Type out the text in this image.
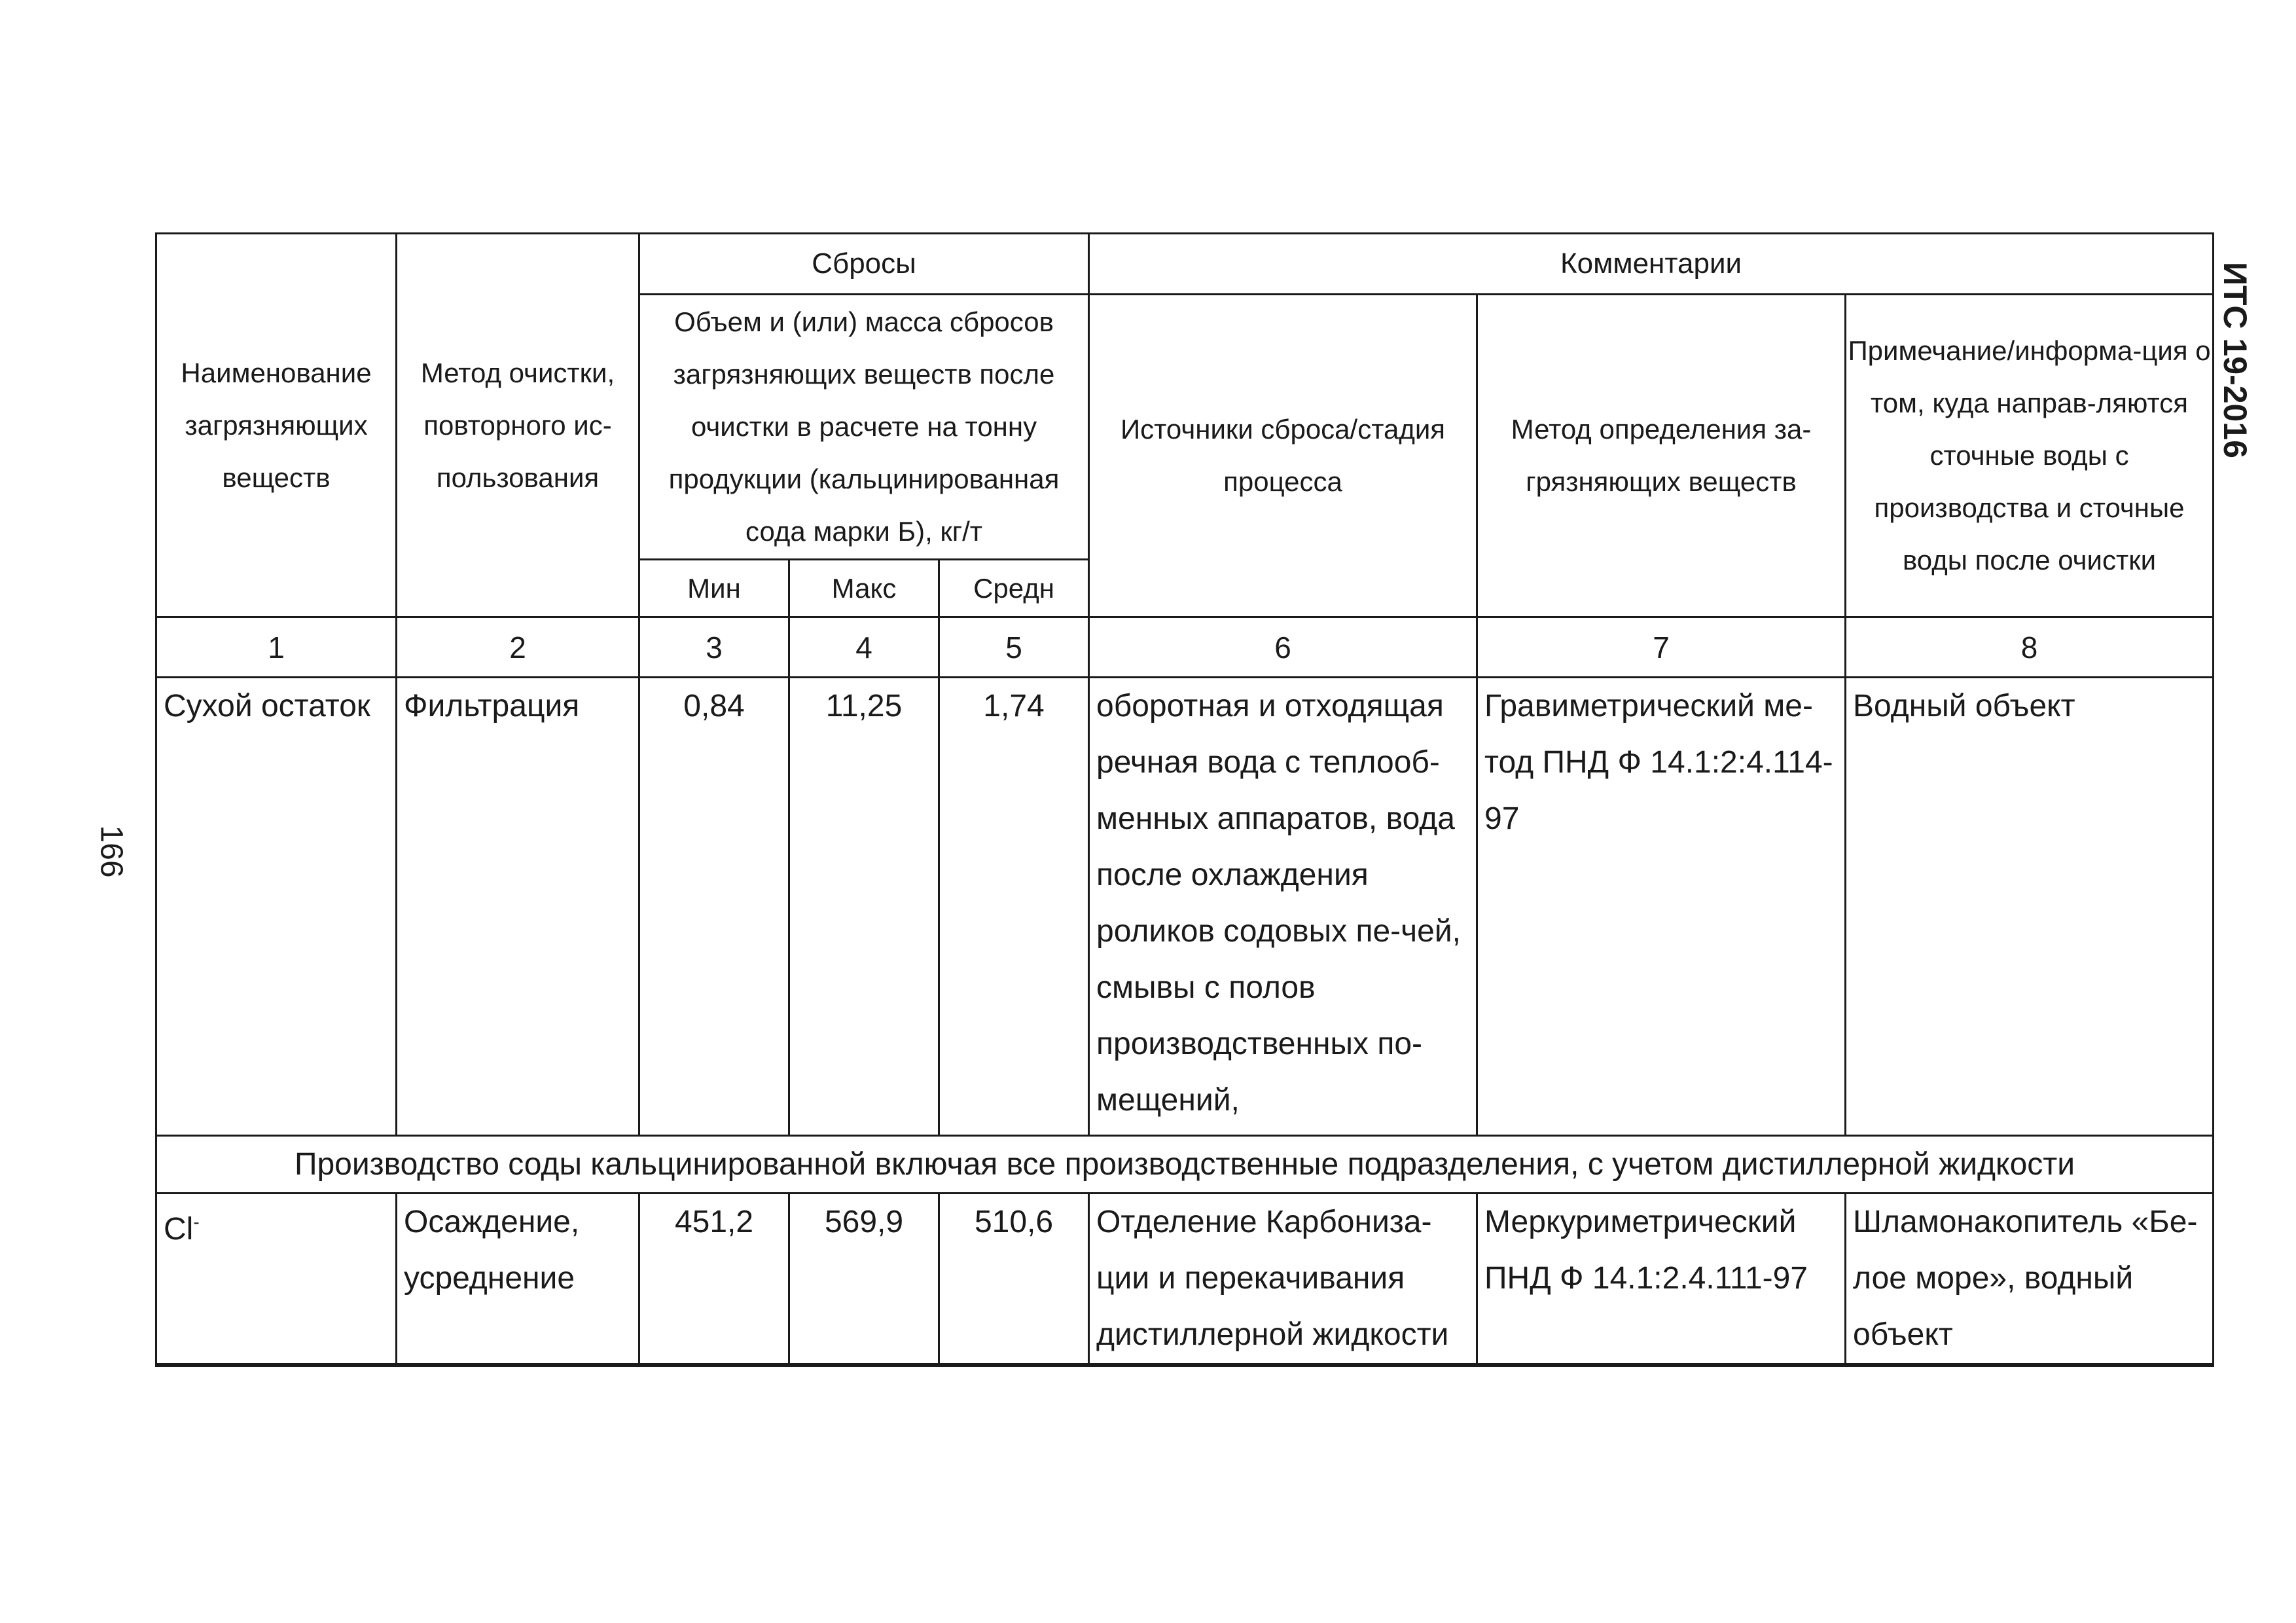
ИТС 19-2016
166
Наименование загрязняющих веществ	Метод очистки, повторного ис-пользования	Сбросы			Комментарии		
		Объем и (или) масса сбросов загрязняющих веществ после очистки в расчете на тонну продукции (кальцинированная сода марки Б), кг/т			Источники сброса/стадия процесса	Метод определения за-грязняющих веществ	Примечание/информа-ция о том, куда направ-ляются сточные воды с производства и сточные воды после очистки
		Мин	Макс	Средн			
1	2	3	4	5	6	7	8
Сухой остаток	Фильтрация	0,84	11,25	1,74	оборотная и отходящая речная вода с теплооб-менных аппаратов, вода после охлаждения роликов содовых пе-чей, смывы с полов производственных по-мещений,	Гравиметрический ме-тод ПНД Ф 14.1:2:4.114-97	Водный объект
Производство соды кальцинированной включая все производственные подразделения, с учетом дистиллерной жидкости							
Cl-	Осаждение, усреднение	451,2	569,9	510,6	Отделение Карбониза-ции и перекачивания дистиллерной жидкости	Меркуриметрический ПНД Ф 14.1:2.4.111-97	Шламонакопитель «Бе-лое море», водный объект
